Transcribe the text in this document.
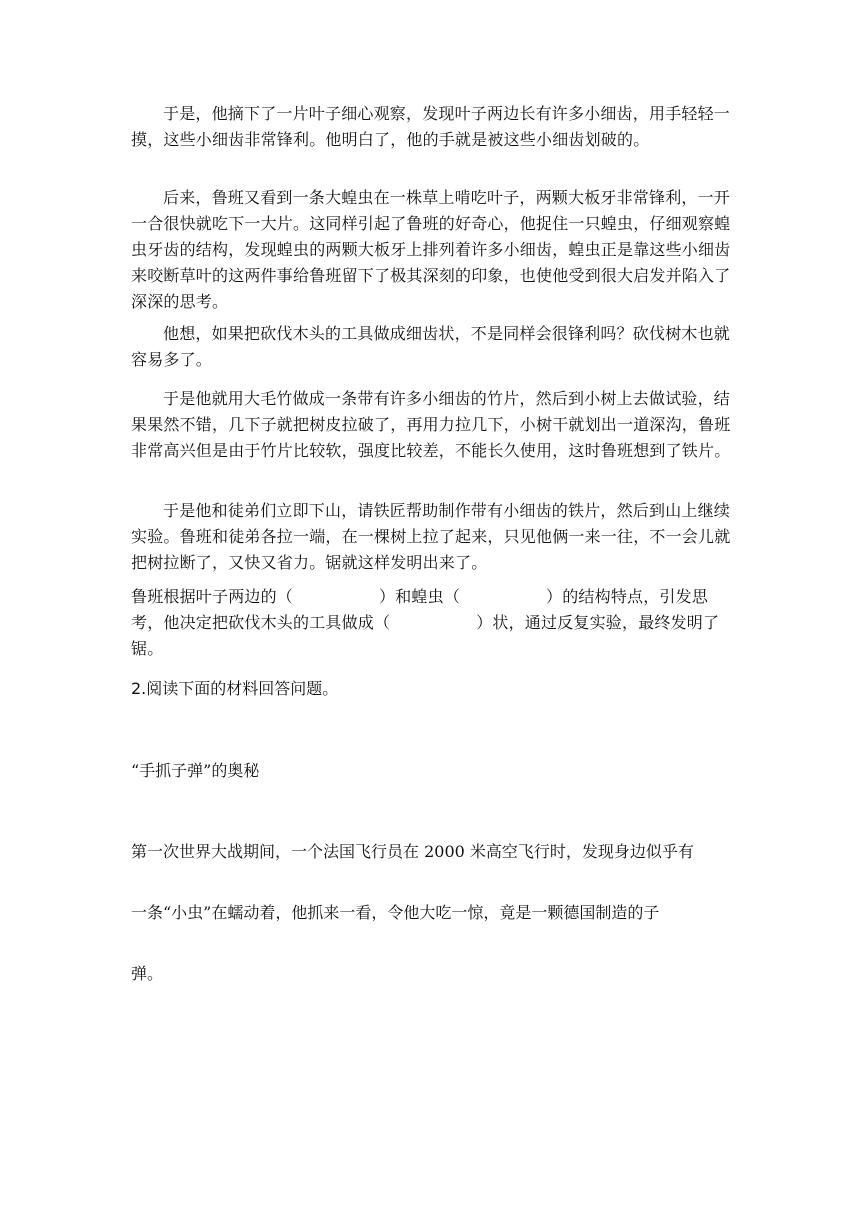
于是，他摘下了一片叶子细心观察，发现叶子两边长有许多小细齿，用手轻轻一摸，这些小细齿非常锋利。他明白了，他的手就是被这些小细齿划破的。

后来，鲁班又看到一条大蝗虫在一株草上啃吃叶子，两颗大板牙非常锋利，一开一合很快就吃下一大片。这同样引起了鲁班的好奇心，他捉住一只蝗虫，仔细观察蝗虫牙齿的结构，发现蝗虫的两颗大板牙上排列着许多小细齿，蝗虫正是靠这些小细齿来咬断草叶的这两件事给鲁班留下了极其深刻的印象，也使他受到很大启发并陷入了深深的思考。

他想，如果把砍伐木头的工具做成细齿状，不是同样会很锋利吗？砍伐树木也就容易多了。

于是他就用大毛竹做成一条带有许多小细齿的竹片，然后到小树上去做试验，结果果然不错，几下子就把树皮拉破了，再用力拉几下，小树干就划出一道深沟，鲁班非常高兴但是由于竹片比较软，强度比较差，不能长久使用，这时鲁班想到了铁片。

于是他和徒弟们立即下山，请铁匠帮助制作带有小细齿的铁片，然后到山上继续实验。鲁班和徒弟各拉一端，在一棵树上拉了起来，只见他俩一来一往，不一会儿就把树拉断了，又快又省力。锯就这样发明出来了。

鲁班根据叶子两边的（	）和蝗虫（	）的结构特点，引发思考，他决定把砍伐木头的工具做成（	）状，通过反复实验，最终发明了锯。

2.阅读下面的材料回答问题。

“手抓子弹”的奥秘

第一次世界大战期间，一个法国飞行员在 2000 米高空飞行时，发现身边似乎有

一条“小虫”在蠕动着，他抓来一看，令他大吃一惊，竟是一颗德国制造的子

弹。
